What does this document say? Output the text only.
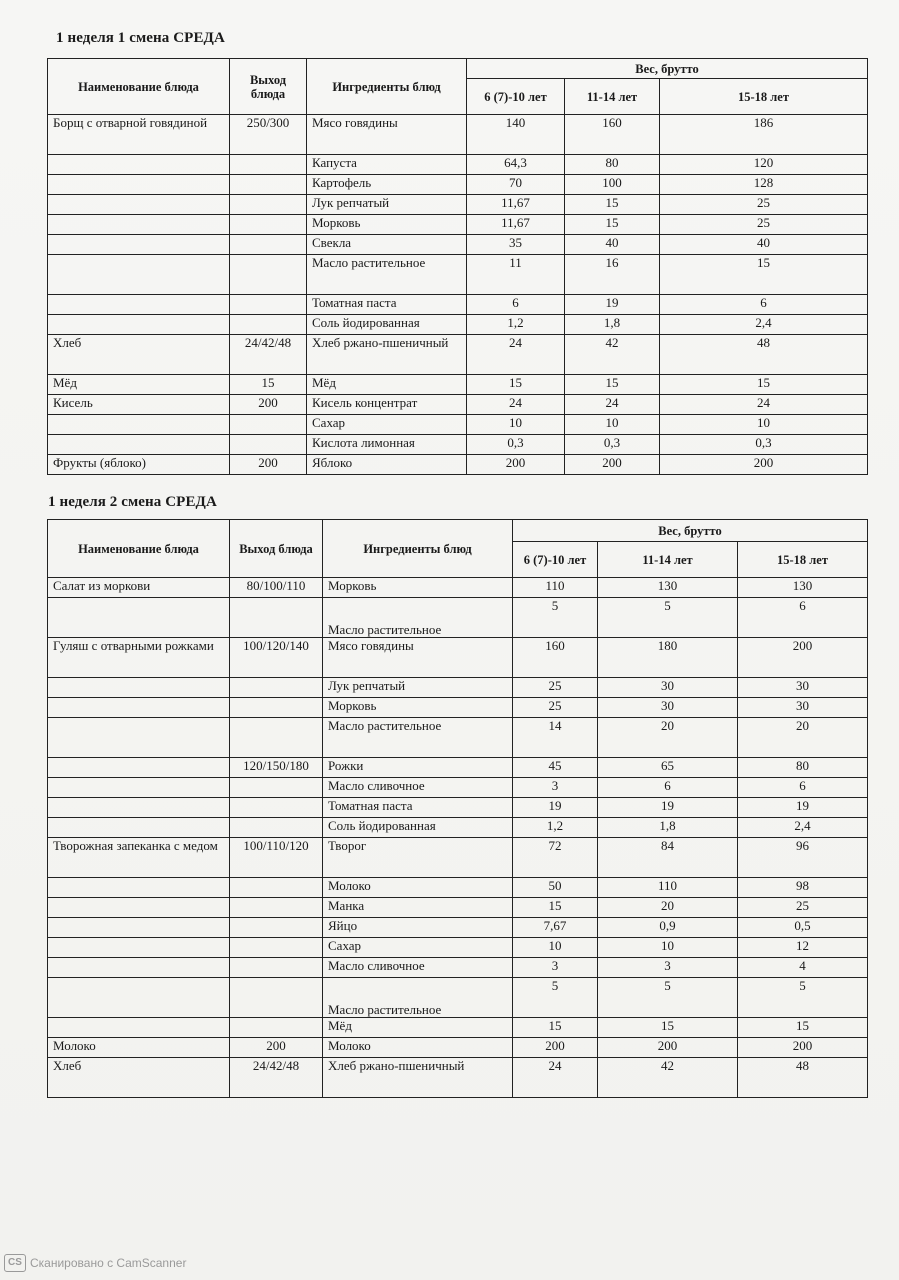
1 неделя 1 смена СРЕДА
Наименование блюда	Выход блюда	Ингредиенты блюд	Вес, брутто		
			6 (7)-10 лет	11-14 лет	15-18 лет
Борщ с отварной говядиной	250/300	Мясо говядины	140	160	186
		Капуста	64,3	80	120
		Картофель	70	100	128
		Лук репчатый	11,67	15	25
		Морковь	11,67	15	25
		Свекла	35	40	40
		Масло растительное	11	16	15
		Томатная паста	6	19	6
		Соль йодированная	1,2	1,8	2,4
Хлеб	24/42/48	Хлеб ржано-пшеничный	24	42	48
Мёд	15	Мёд	15	15	15
Кисель	200	Кисель концентрат	24	24	24
		Сахар	10	10	10
		Кислота лимонная	0,3	0,3	0,3
Фрукты (яблоко)	200	Яблоко	200	200	200
1 неделя 2 смена СРЕДА
Наименование блюда	Выход блюда	Ингредиенты блюд	Вес, брутто		
			6 (7)-10 лет	11-14 лет	15-18 лет
Салат из моркови	80/100/110	Морковь	110	130	130
		Масло растительное	5	5	6
Гуляш с отварными рожками	100/120/140	Мясо говядины	160	180	200
		Лук репчатый	25	30	30
		Морковь	25	30	30
		Масло растительное	14	20	20
	120/150/180	Рожки	45	65	80
		Масло сливочное	3	6	6
		Томатная паста	19	19	19
		Соль йодированная	1,2	1,8	2,4
Творожная запеканка с медом	100/110/120	Творог	72	84	96
		Молоко	50	110	98
		Манка	15	20	25
		Яйцо	7,67	0,9	0,5
		Сахар	10	10	12
		Масло сливочное	3	3	4
		Масло растительное	5	5	5
		Мёд	15	15	15
Молоко	200	Молоко	200	200	200
Хлеб	24/42/48	Хлеб ржано-пшеничный	24	42	48
CS Сканировано с CamScanner
